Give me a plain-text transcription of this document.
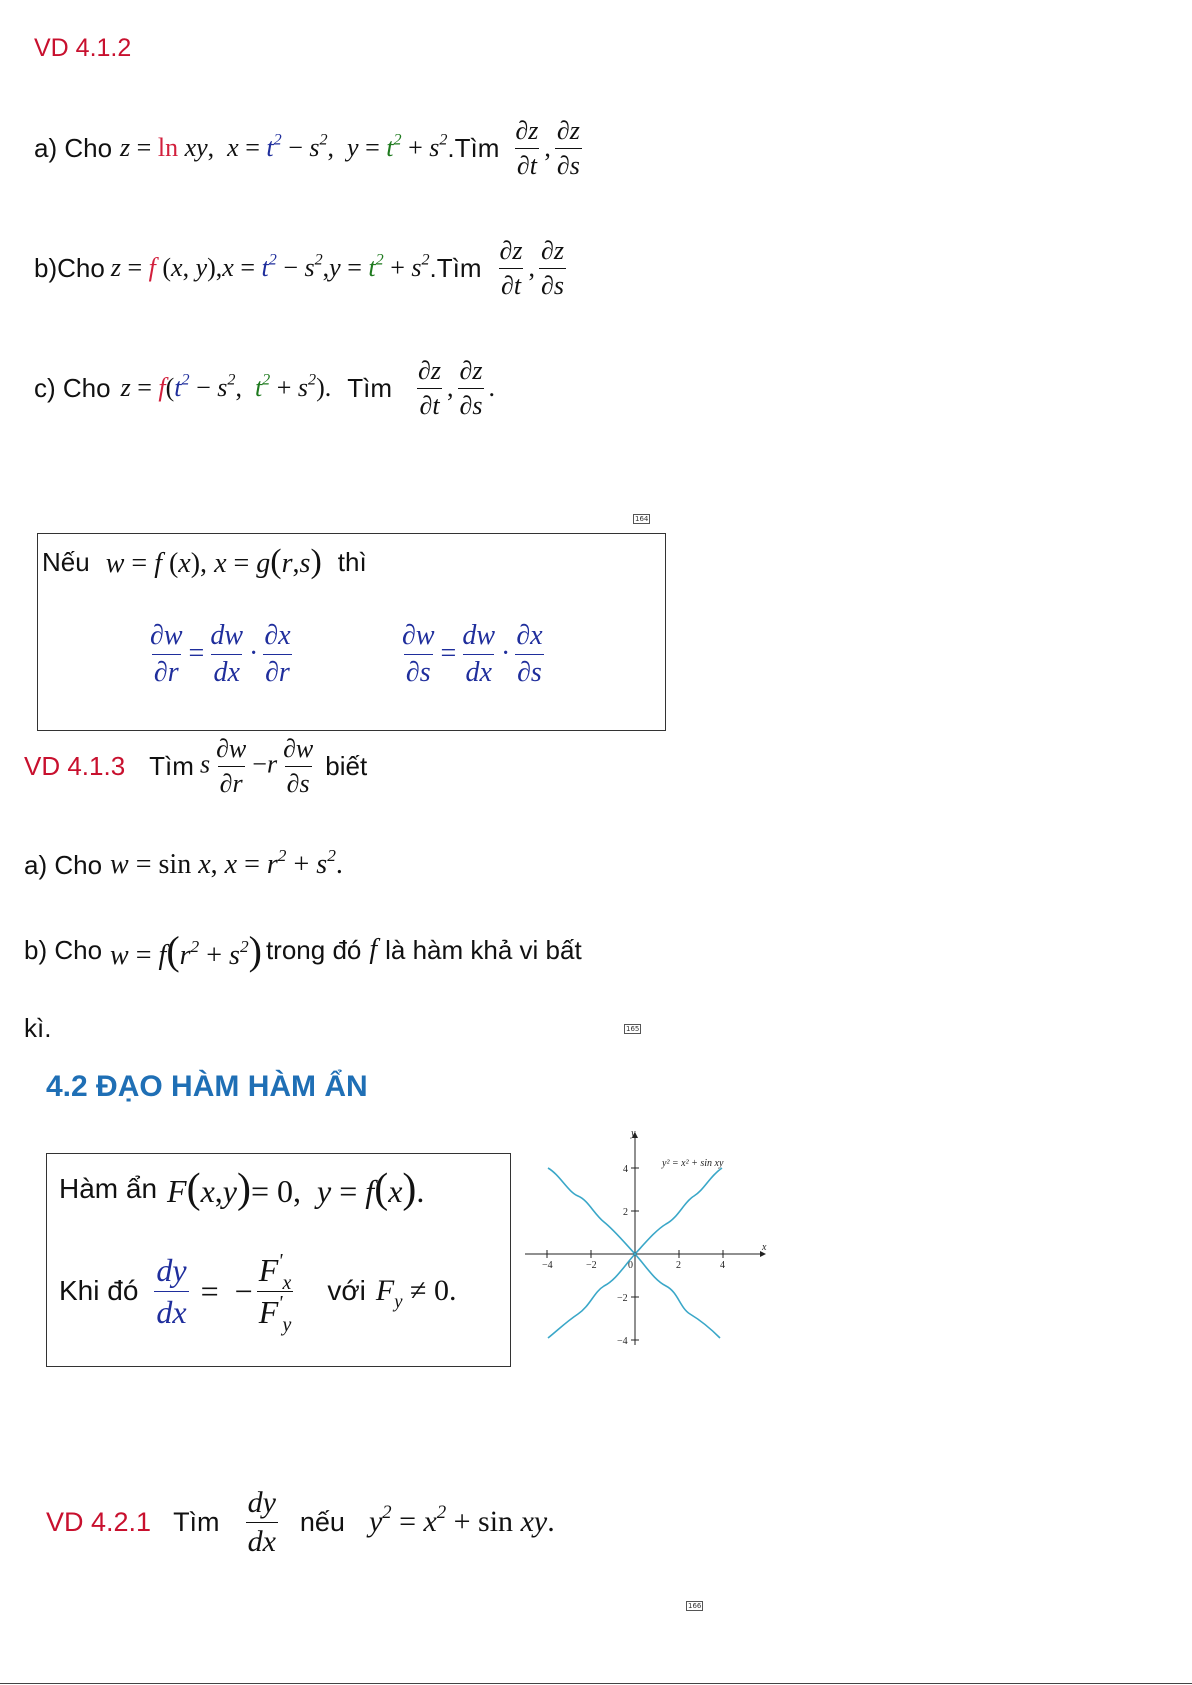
VD 4.1.2
a) Cho z = ln xy,  $x = t^2 - s^2$,  $y = t^2 + s^2$ .Tìm $\frac{\partial z}{\partial t}$ , $\frac{\partial z}{\partial s}$
b)Cho z = f (x, $y),x = t^2 - s^2,y = t^2 + s^2$ .Tìm $\frac{\partial z}{\partial t}$ , $\frac{\partial z}{\partial s}$
c) Cho $z = f(t^2 - s^2$, $t^2 + s^2$). Tìm $\frac{\partial z}{\partial t}$ , $\frac{\partial z}{\partial s}$ .
164
Nếu w = f (x), x = g(r,s) thì
$\frac{\partial w}{\partial r} = \frac{dw}{dx} \cdot \frac{\partial x}{\partial r}$	$\frac{\partial w}{\partial s} = \frac{dw}{dx} \cdot \frac{\partial x}{\partial s}$
VD 4.1.3 Tìm s $\frac{\partial w}{\partial r} -r \frac{\partial w}{\partial s}$ biết
a) Cho w = sin x, $x = r^2 + s^2$.
b) Cho $w = f(r^2 + s^2)$ trong đó f là hàm khả vi bất
kì.	165
4.2 ĐẠO HÀM HÀM ẨN
Hàm ẩn F(x,y)= 0,  y = f(x).
Khi đó $\frac{dy}{dx}$ =  − $\frac{F'_x}{F'_y}$ với $F_y \ne 0$.
−4	−2	0	2	4
4
2
−2
−4
x
y
y² = x² + sin xy
VD 4.2.1 Tìm $\frac{dy}{dx}$ nếu $y^2 = x^2 + \sin$ xy.
166
